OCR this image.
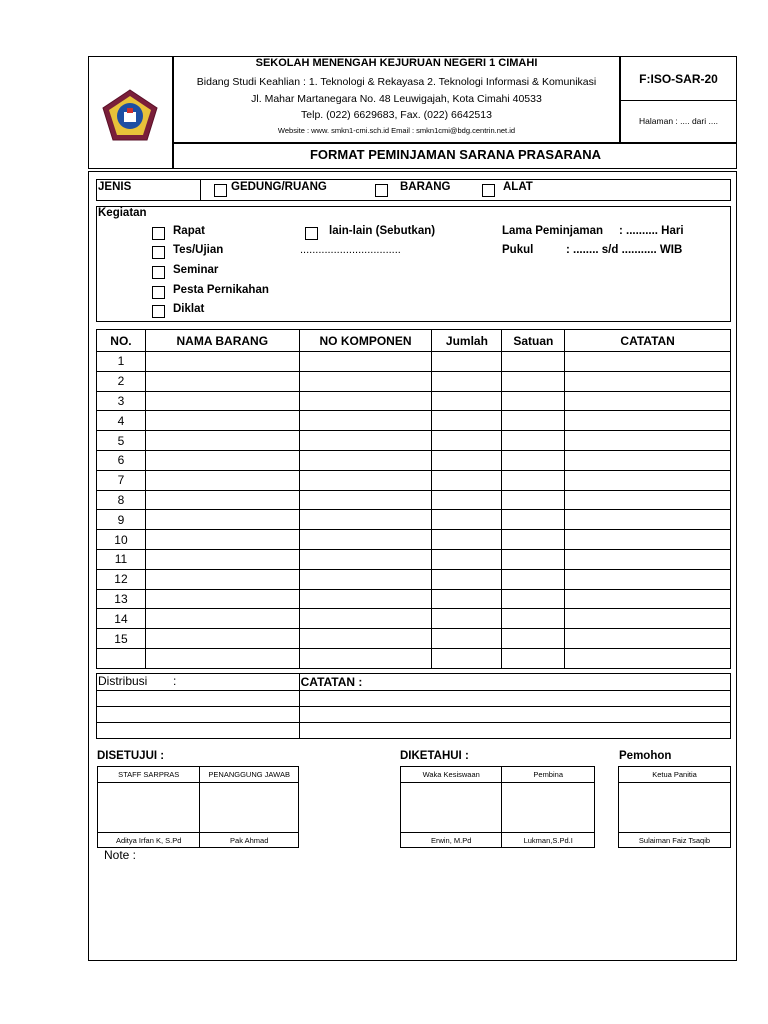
SEKOLAH MENENGAH KEJURUAN NEGERI 1 CIMAHI
Bidang Studi Keahlian : 1. Teknologi & Rekayasa 2. Teknologi Informasi & Komunikasi
Jl. Mahar Martanegara No. 48 Leuwigajah, Kota Cimahi 40533
Telp. (022) 6629683, Fax. (022) 6642513
Website : www. smkn1-cmi.sch.id Email : smkn1cmi@bdg.centrin.net.id
F:ISO-SAR-20
Halaman : .... dari ....
FORMAT PEMINJAMAN SARANA PRASARANA
JENIS	GEDUNG/RUANG	BARANG	ALAT
Kegiatan
Rapat
Tes/Ujian
Seminar
Pesta Pernikahan
Diklat
lain-lain (Sebutkan)
.................................
Lama Peminjaman : .......... Hari
Pukul	: ........ s/d ........... WIB
NO.	NAMA BARANG	NO KOMPONEN	Jumlah	Satuan	CATATAN
1					
2					
3					
4					
5					
6					
7					
8					
9					
10					
11					
12					
13					
14					
15					

Distribusi :	CATATAN :

DISETUJUI :	DIKETAHUI :	Pemohon
STAFF SARPRAS	PENANGGUNG JAWAB

Aditya Irfan K, S.Pd	Pak Ahmad
Waka Kesiswaan	Pembina

Erwin, M.Pd	Lukman,S.Pd.I
Ketua Panitia

Sulaiman Faiz Tsaqib
Note :
